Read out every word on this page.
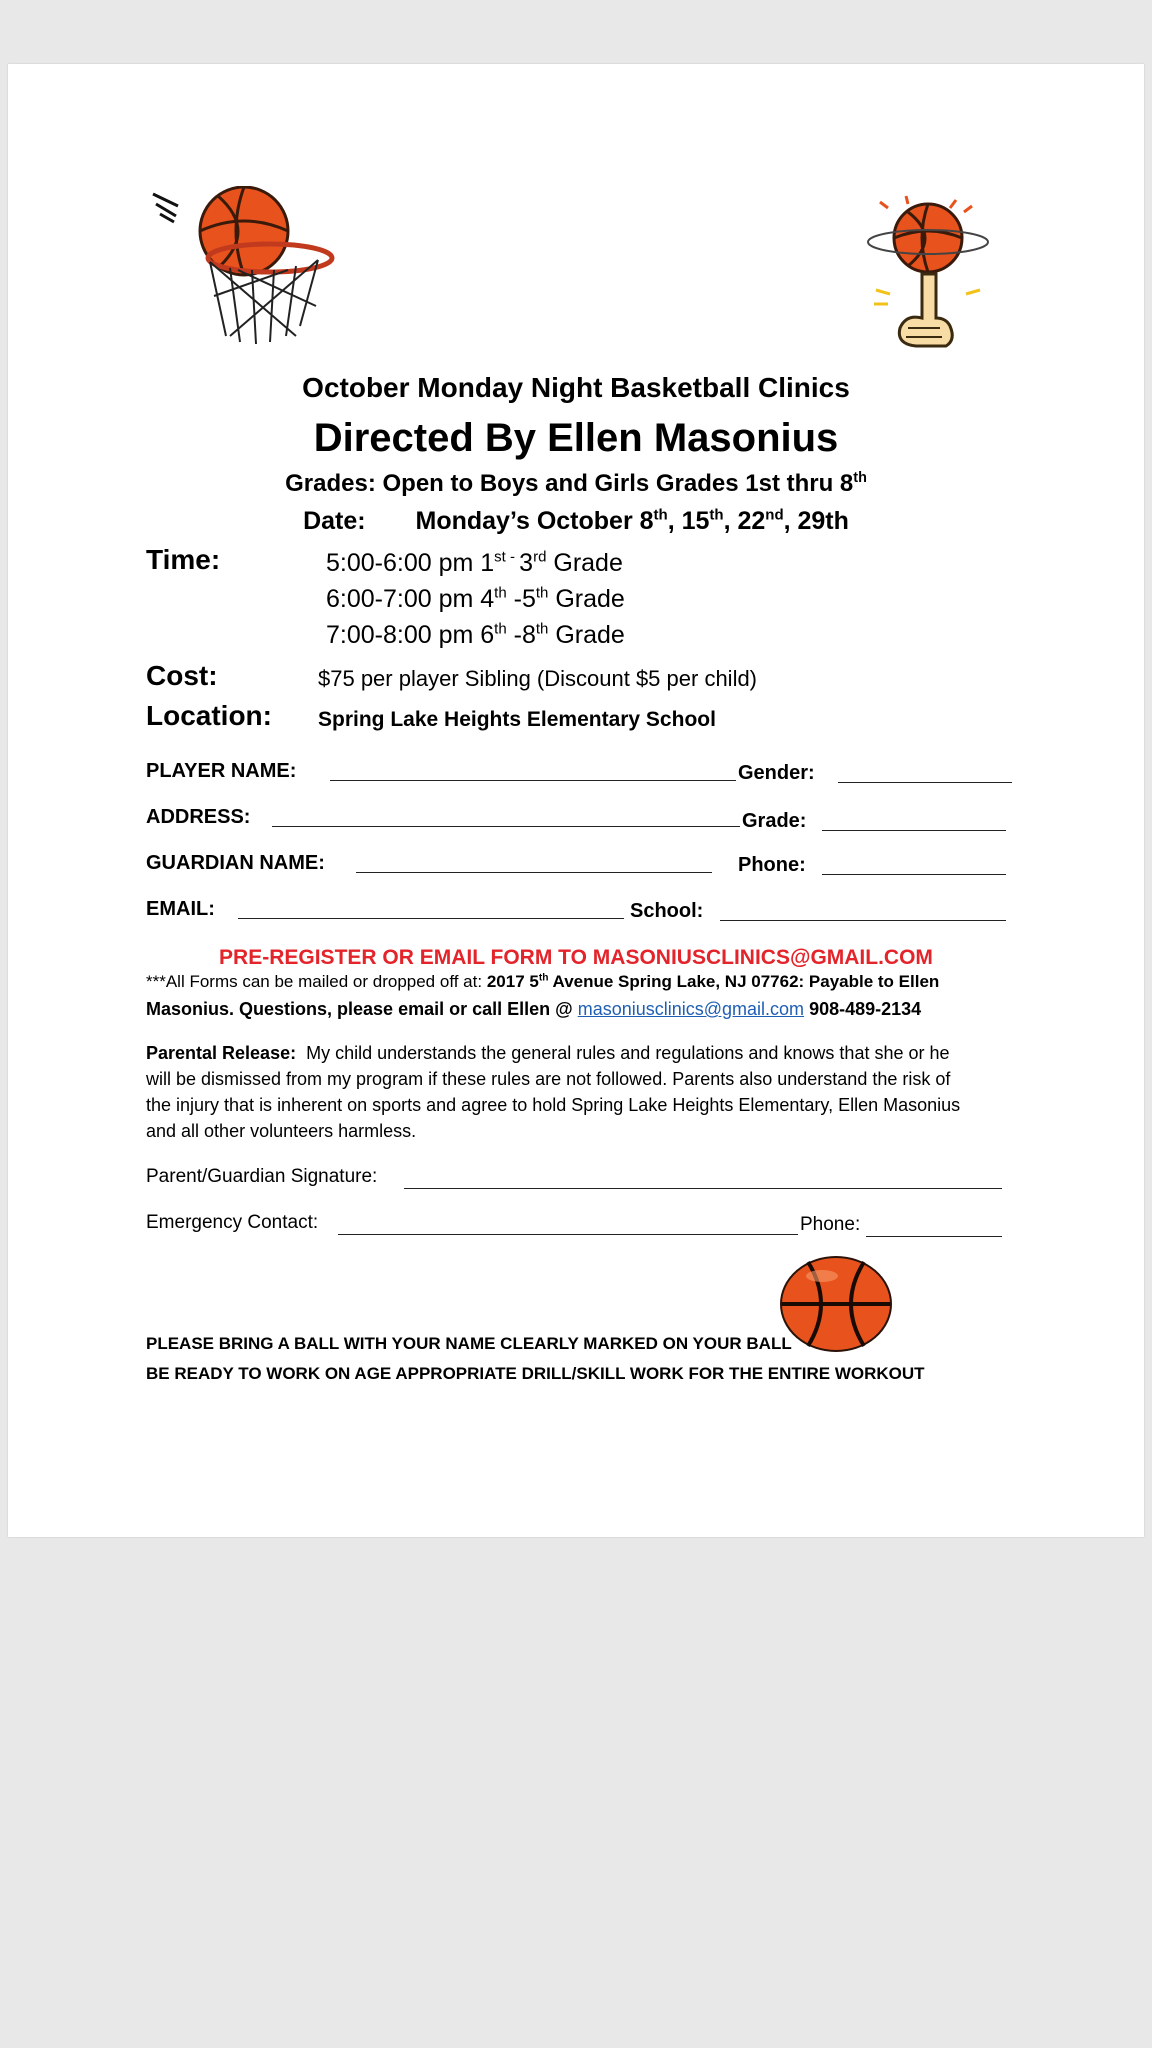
October Monday Night Basketball Clinics
Directed By Ellen Masonius
Grades: Open to Boys and Girls Grades 1st thru 8th
Date: Monday’s October 8th, 15th, 22nd, 29th
Time:	5:00-6:00 pm $1^{st -}$ 3rd Grade
6:00-7:00 pm 4th -5th Grade
7:00-8:00 pm 6th -8th Grade
Cost:	$75 per player Sibling (Discount $5 per child)
Location: Spring Lake Heights Elementary School
PLAYER NAME:	Gender:
ADDRESS:	Grade:
GUARDIAN NAME:	Phone:
EMAIL:	School:
PRE-REGISTER OR EMAIL FORM TO MASONIUSCLINICS@GMAIL.COM
***All Forms can be mailed or dropped off at: 2017 5th Avenue Spring Lake, NJ 07762: Payable to Ellen
Masonius. Questions, please email or call Ellen @ masoniusclinics@gmail.com 908-489-2134
Parental Release: My child understands the general rules and regulations and knows that she or he
will be dismissed from my program if these rules are not followed. Parents also understand the risk of
the injury that is inherent on sports and agree to hold Spring Lake Heights Elementary, Ellen Masonius
and all other volunteers harmless.
Parent/Guardian Signature:
Emergency Contact:	Phone:
PLEASE BRING A BALL WITH YOUR NAME CLEARLY MARKED ON YOUR BALL
BE READY TO WORK ON AGE APPROPRIATE DRILL/SKILL WORK FOR THE ENTIRE WORKOUT
